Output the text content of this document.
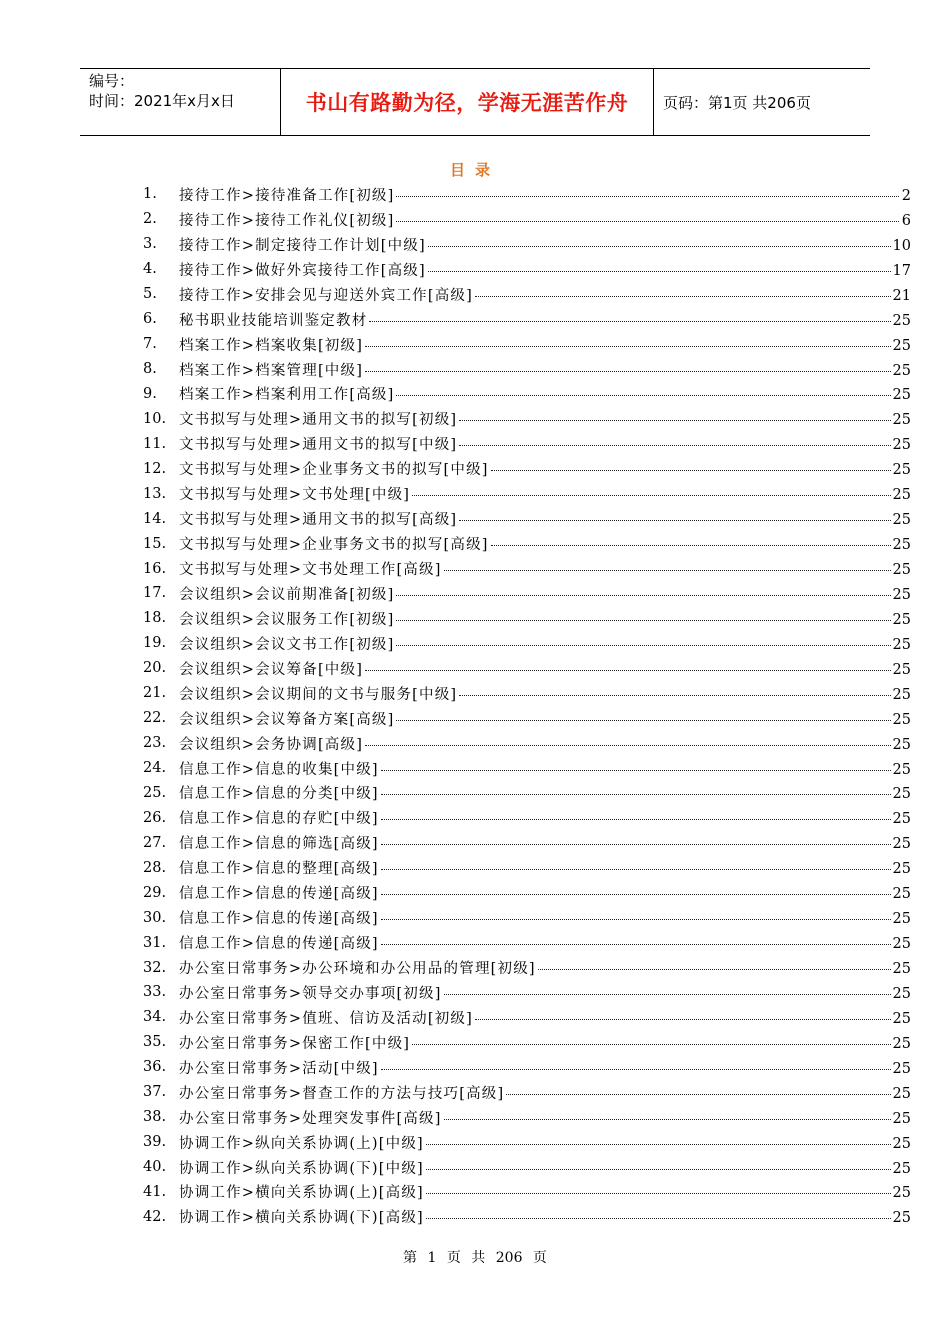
编号：
时间：2021年x月x日	书山有路勤为径，学海无涯苦作舟	页码：第1页 共206页
目录
1.	接待工作>接待准备工作[初级]	2
2.	接待工作>接待工作礼仪[初级]	6
3.	接待工作>制定接待工作计划[中级]	10
4.	接待工作>做好外宾接待工作[高级]	17
5.	接待工作>安排会见与迎送外宾工作[高级]	21
6.	秘书职业技能培训鉴定教材	25
7.	档案工作>档案收集[初级]	25
8.	档案工作>档案管理[中级]	25
9.	档案工作>档案利用工作[高级]	25
10. 文书拟写与处理>通用文书的拟写[初级]	25
11. 文书拟写与处理>通用文书的拟写[中级]	25
12. 文书拟写与处理>企业事务文书的拟写[中级]	25
13. 文书拟写与处理>文书处理[中级]	25
14. 文书拟写与处理>通用文书的拟写[高级]	25
15. 文书拟写与处理>企业事务文书的拟写[高级]	25
16. 文书拟写与处理>文书处理工作[高级]	25
17. 会议组织>会议前期准备[初级]	25
18. 会议组织>会议服务工作[初级]	25
19. 会议组织>会议文书工作[初级]	25
20. 会议组织>会议筹备[中级]	25
21. 会议组织>会议期间的文书与服务[中级]	25
22. 会议组织>会议筹备方案[高级]	25
23. 会议组织>会务协调[高级]	25
24. 信息工作>信息的收集[中级]	25
25. 信息工作>信息的分类[中级]	25
26. 信息工作>信息的存贮[中级]	25
27. 信息工作>信息的筛选[高级]	25
28. 信息工作>信息的整理[高级]	25
29. 信息工作>信息的传递[高级]	25
30. 信息工作>信息的传递[高级]	25
31. 信息工作>信息的传递[高级]	25
32. 办公室日常事务>办公环境和办公用品的管理[初级]	25
33. 办公室日常事务>领导交办事项[初级]	25
34. 办公室日常事务>值班、信访及活动[初级]	25
35. 办公室日常事务>保密工作[中级]	25
36. 办公室日常事务>活动[中级]	25
37. 办公室日常事务>督查工作的方法与技巧[高级]	25
38. 办公室日常事务>处理突发事件[高级]	25
39. 协调工作>纵向关系协调(上)[中级]	25
40. 协调工作>纵向关系协调(下)[中级]	25
41. 协调工作>横向关系协调(上)[高级]	25
42. 协调工作>横向关系协调(下)[高级]	25
第 1 页 共 206 页
